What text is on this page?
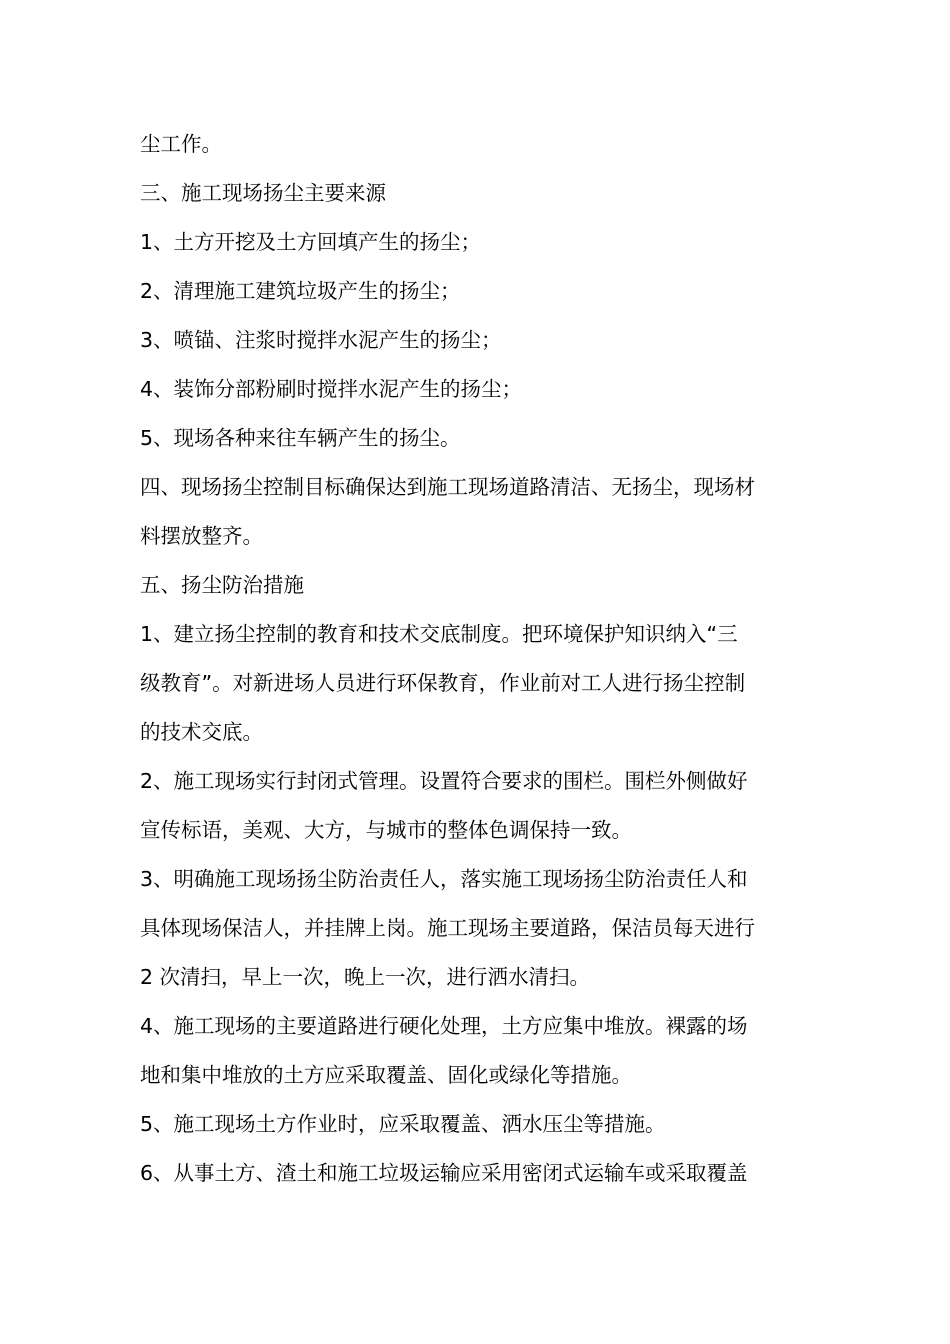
尘工作。

三、施工现场扬尘主要来源

1、土方开挖及土方回填产生的扬尘；

2、清理施工建筑垃圾产生的扬尘；

3、喷锚、注浆时搅拌水泥产生的扬尘；

4、装饰分部粉刷时搅拌水泥产生的扬尘；

5、现场各种来往车辆产生的扬尘。

四、现场扬尘控制目标确保达到施工现场道路清洁、无扬尘，现场材

料摆放整齐。

五、扬尘防治措施

1、建立扬尘控制的教育和技术交底制度。把环境保护知识纳入“三

级教育”。对新进场人员进行环保教育，作业前对工人进行扬尘控制

的技术交底。

2、施工现场实行封闭式管理。设置符合要求的围栏。围栏外侧做好

宣传标语，美观、大方，与城市的整体色调保持一致。

3、明确施工现场扬尘防治责任人，落实施工现场扬尘防治责任人和

具体现场保洁人，并挂牌上岗。施工现场主要道路，保洁员每天进行

2 次清扫，早上一次，晚上一次，进行洒水清扫。

4、施工现场的主要道路进行硬化处理，土方应集中堆放。裸露的场

地和集中堆放的土方应采取覆盖、固化或绿化等措施。

5、施工现场土方作业时，应采取覆盖、洒水压尘等措施。

6、从事土方、渣土和施工垃圾运输应采用密闭式运输车或采取覆盖
